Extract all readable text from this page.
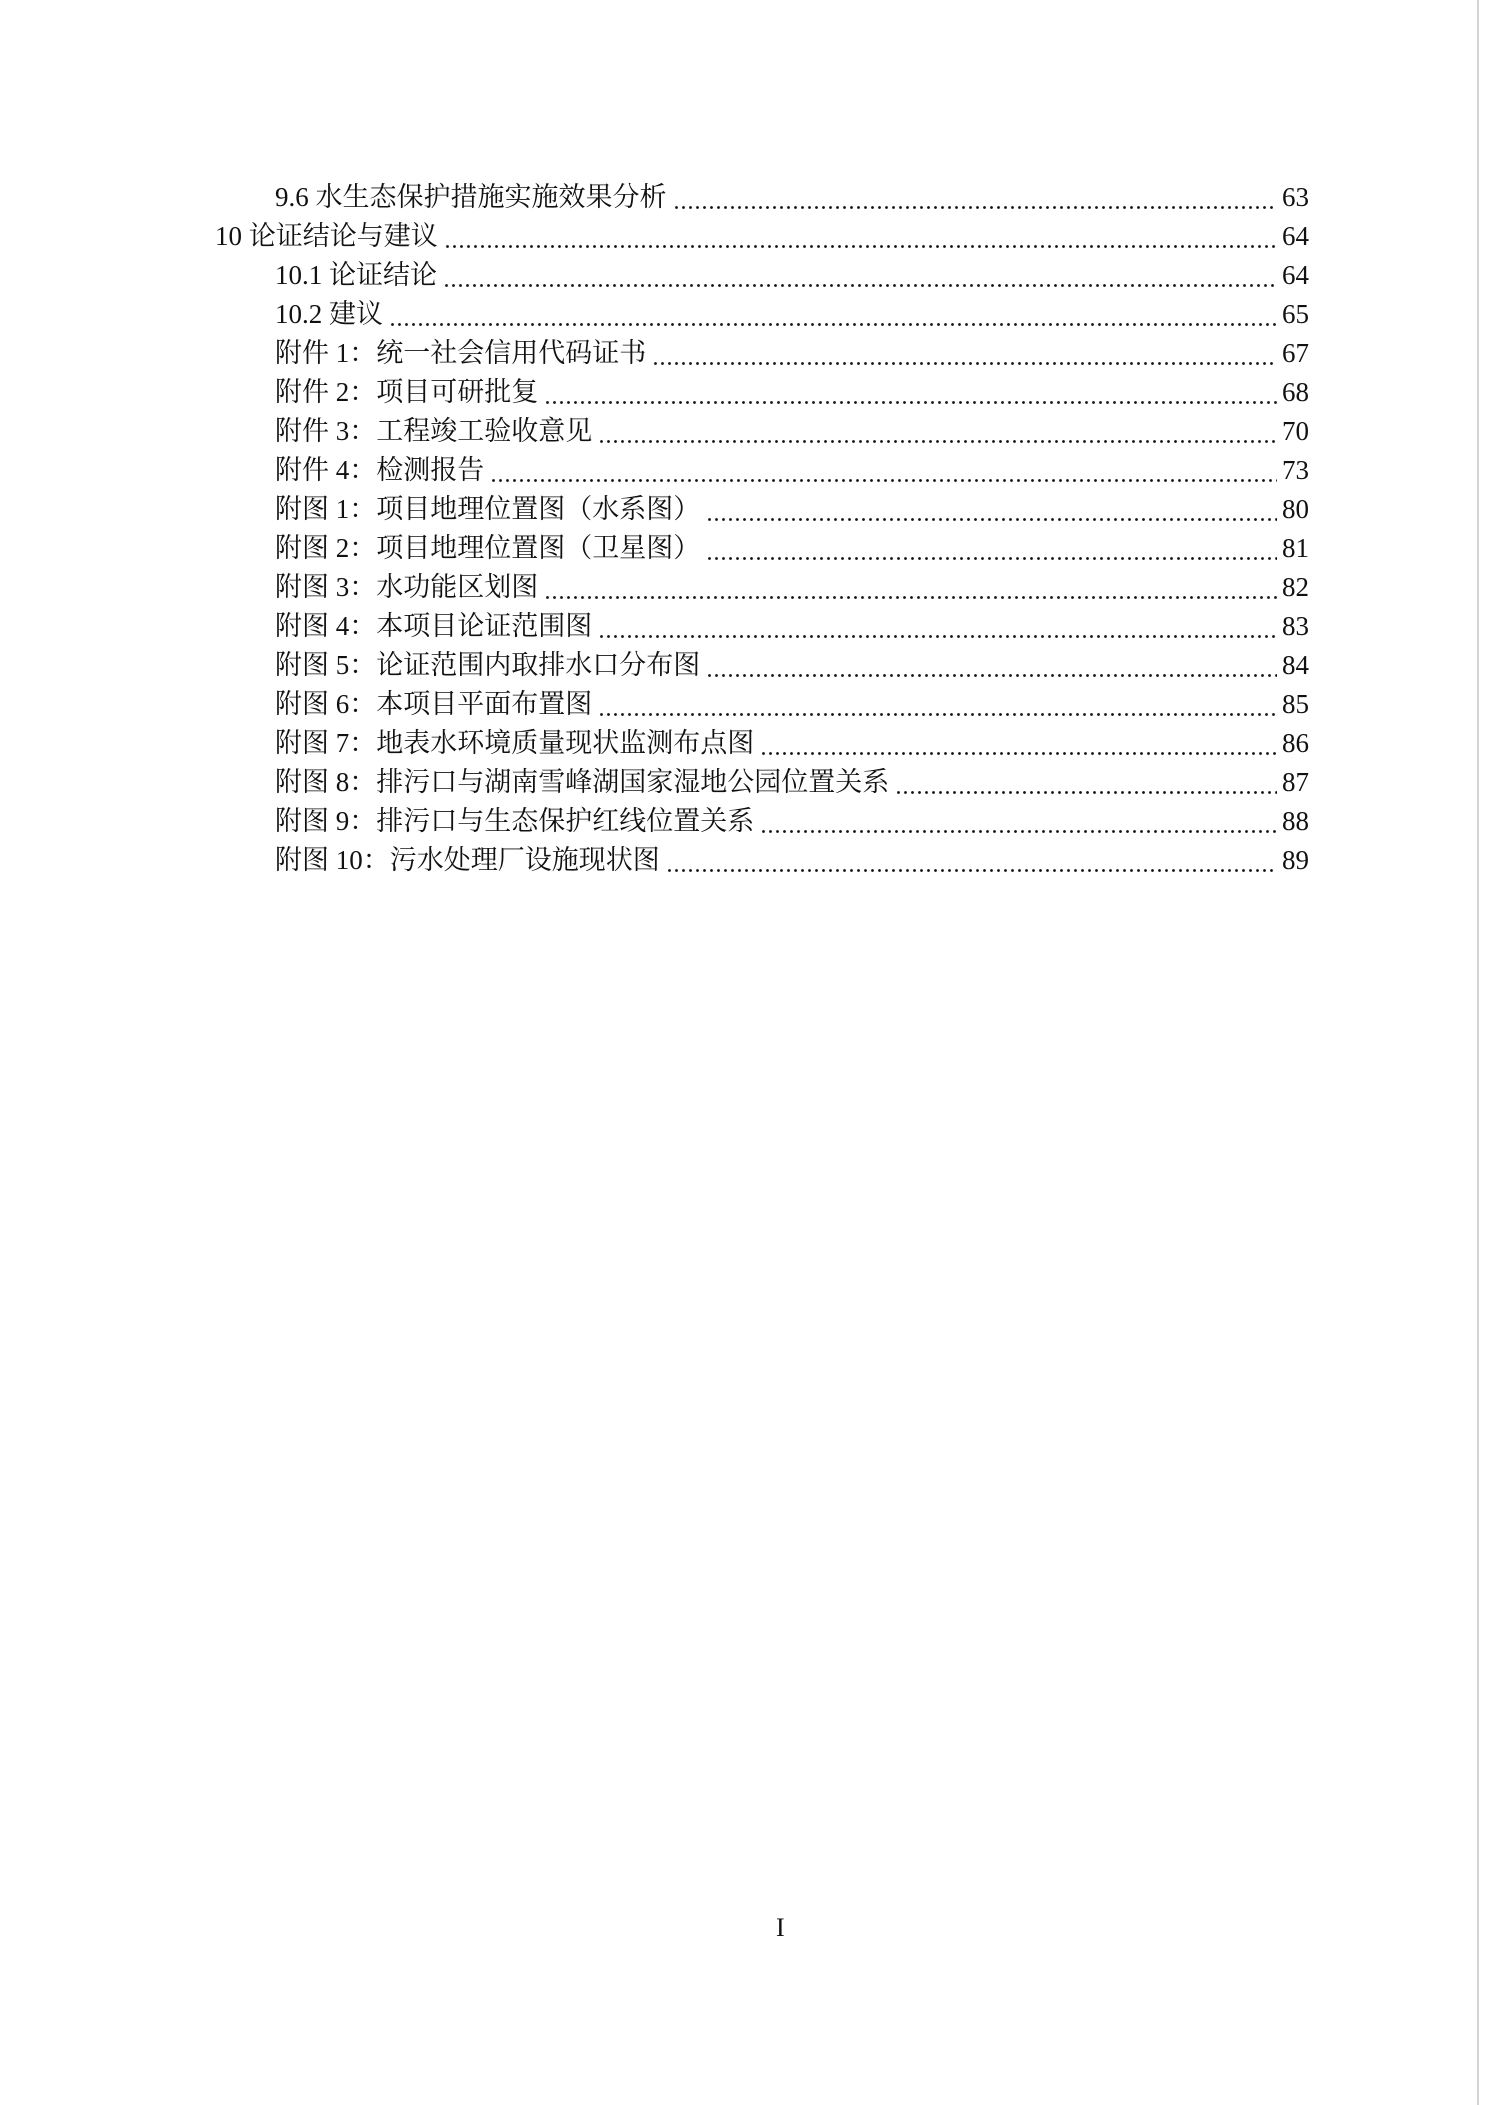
9.6 水生态保护措施实施效果分析	63
10 论证结论与建议	64
10.1 论证结论	64
10.2 建议	65
附件 1：统一社会信用代码证书	67
附件 2：项目可研批复	68
附件 3：工程竣工验收意见	70
附件 4：检测报告	73
附图 1：项目地理位置图（水系图）	80
附图 2：项目地理位置图（卫星图）	81
附图 3：水功能区划图	82
附图 4：本项目论证范围图	83
附图 5：论证范围内取排水口分布图	84
附图 6：本项目平面布置图	85
附图 7：地表水环境质量现状监测布点图	86
附图 8：排污口与湖南雪峰湖国家湿地公园位置关系	87
附图 9：排污口与生态保护红线位置关系	88
附图 10：污水处理厂设施现状图	89
I
